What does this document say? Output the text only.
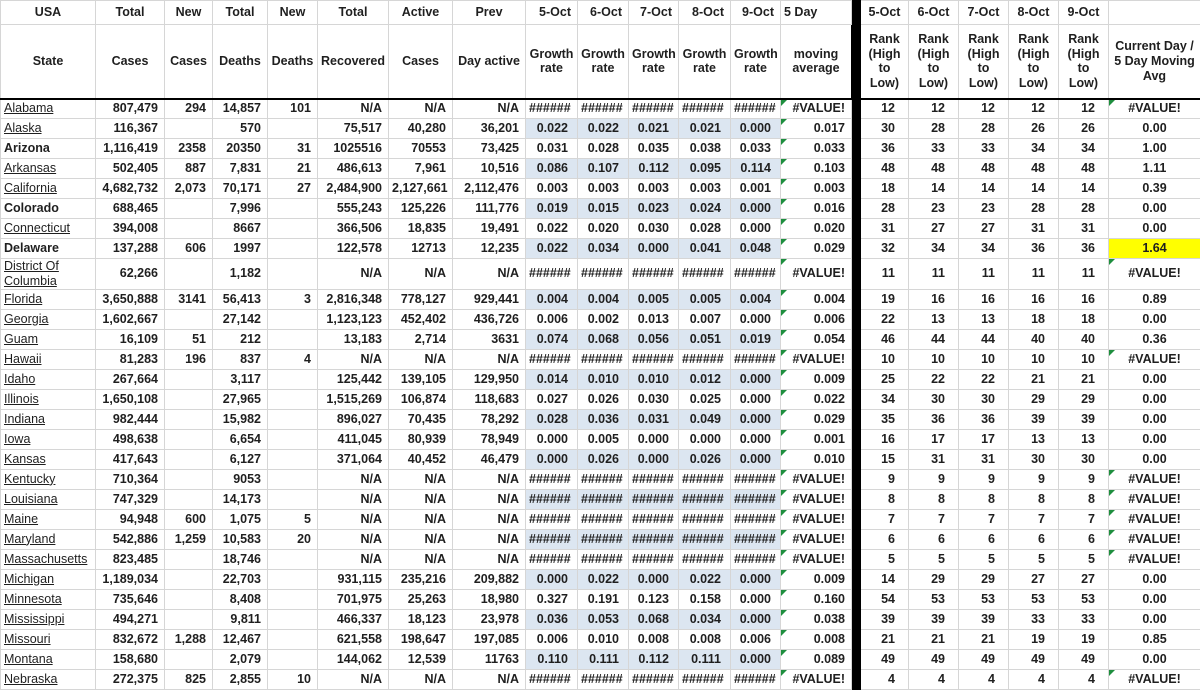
USA	Total	New	Total	New	Total	Active	Prev	5-Oct	6-Oct	7-Oct	8-Oct	9-Oct	5 Day		5-Oct	6-Oct	7-Oct	8-Oct	9-Oct	
State	Cases	Cases	Deaths	Deaths	Recovered	Cases	Day active	Growth rate	Growth rate	Growth rate	Growth rate	Growth rate	moving average		Rank (High to Low)	Rank (High to Low)	Rank (High to Low)	Rank (High to Low)	Rank (High to Low)	Current Day / 5 Day Moving Avg
Alabama	807,479	294	14,857	101	N/A	N/A	N/A	######	######	######	######	######	#VALUE!		12	12	12	12	12	#VALUE!

Alaska	116,367		570		75,517	40,280	36,201	0.022	0.022	0.021	0.021	0.000	0.017		30	28	28	26	26	0.00
Arizona	1,116,419	2358	20350	31	1025516	70553	73,425	0.031	0.028	0.035	0.038	0.033	0.033		36	33	33	34	34	1.00
Arkansas	502,405	887	7,831	21	486,613	7,961	10,516	0.086	0.107	0.112	0.095	0.114	0.103		48	48	48	48	48	1.11
California	4,682,732	2,073	70,171	27	2,484,900	2,127,661	2,112,476	0.003	0.003	0.003	0.003	0.001	0.003		18	14	14	14	14	0.39
Colorado	688,465		7,996		555,243	125,226	111,776	0.019	0.015	0.023	0.024	0.000	0.016		28	23	23	28	28	0.00
Connecticut	394,008		8667		366,506	18,835	19,491	0.022	0.020	0.030	0.028	0.000	0.020		31	27	27	31	31	0.00
Delaware	137,288	606	1997		122,578	12713	12,235	0.022	0.034	0.000	0.041	0.048	0.029		32	34	34	36	36	1.64
District Of Columbia	62,266		1,182		N/A	N/A	N/A	######	######	######	######	######	#VALUE!		11	11	11	11	11	#VALUE!

Florida	3,650,888	3141	56,413	3	2,816,348	778,127	929,441	0.004	0.004	0.005	0.005	0.004	0.004		19	16	16	16	16	0.89
Georgia	1,602,667		27,142		1,123,123	452,402	436,726	0.006	0.002	0.013	0.007	0.000	0.006		22	13	13	18	18	0.00
Guam	16,109	51	212		13,183	2,714	3631	0.074	0.068	0.056	0.051	0.019	0.054		46	44	44	40	40	0.36
Hawaii	81,283	196	837	4	N/A	N/A	N/A	######	######	######	######	######	#VALUE!		10	10	10	10	10	#VALUE!

Idaho	267,664		3,117		125,442	139,105	129,950	0.014	0.010	0.010	0.012	0.000	0.009		25	22	22	21	21	0.00
Illinois	1,650,108		27,965		1,515,269	106,874	118,683	0.027	0.026	0.030	0.025	0.000	0.022		34	30	30	29	29	0.00
Indiana	982,444		15,982		896,027	70,435	78,292	0.028	0.036	0.031	0.049	0.000	0.029		35	36	36	39	39	0.00
Iowa	498,638		6,654		411,045	80,939	78,949	0.000	0.005	0.000	0.000	0.000	0.001		16	17	17	13	13	0.00
Kansas	417,643		6,127		371,064	40,452	46,479	0.000	0.026	0.000	0.026	0.000	0.010		15	31	31	30	30	0.00
Kentucky	710,364		9053		N/A	N/A	N/A	######	######	######	######	######	#VALUE!		9	9	9	9	9	#VALUE!

Louisiana	747,329		14,173		N/A	N/A	N/A	######	######	######	######	######	#VALUE!		8	8	8	8	8	#VALUE!

Maine	94,948	600	1,075	5	N/A	N/A	N/A	######	######	######	######	######	#VALUE!		7	7	7	7	7	#VALUE!

Maryland	542,886	1,259	10,583	20	N/A	N/A	N/A	######	######	######	######	######	#VALUE!		6	6	6	6	6	#VALUE!

Massachusetts	823,485		18,746		N/A	N/A	N/A	######	######	######	######	######	#VALUE!		5	5	5	5	5	#VALUE!

Michigan	1,189,034		22,703		931,115	235,216	209,882	0.000	0.022	0.000	0.022	0.000	0.009		14	29	29	27	27	0.00
Minnesota	735,646		8,408		701,975	25,263	18,980	0.327	0.191	0.123	0.158	0.000	0.160		54	53	53	53	53	0.00
Mississippi	494,271		9,811		466,337	18,123	23,978	0.036	0.053	0.068	0.034	0.000	0.038		39	39	39	33	33	0.00
Missouri	832,672	1,288	12,467		621,558	198,647	197,085	0.006	0.010	0.008	0.008	0.006	0.008		21	21	21	19	19	0.85
Montana	158,680		2,079		144,062	12,539	11763	0.110	0.111	0.112	0.111	0.000	0.089		49	49	49	49	49	0.00
Nebraska	272,375	825	2,855	10	N/A	N/A	N/A	######	######	######	######	######	#VALUE!		4	4	4	4	4	#VALUE!
